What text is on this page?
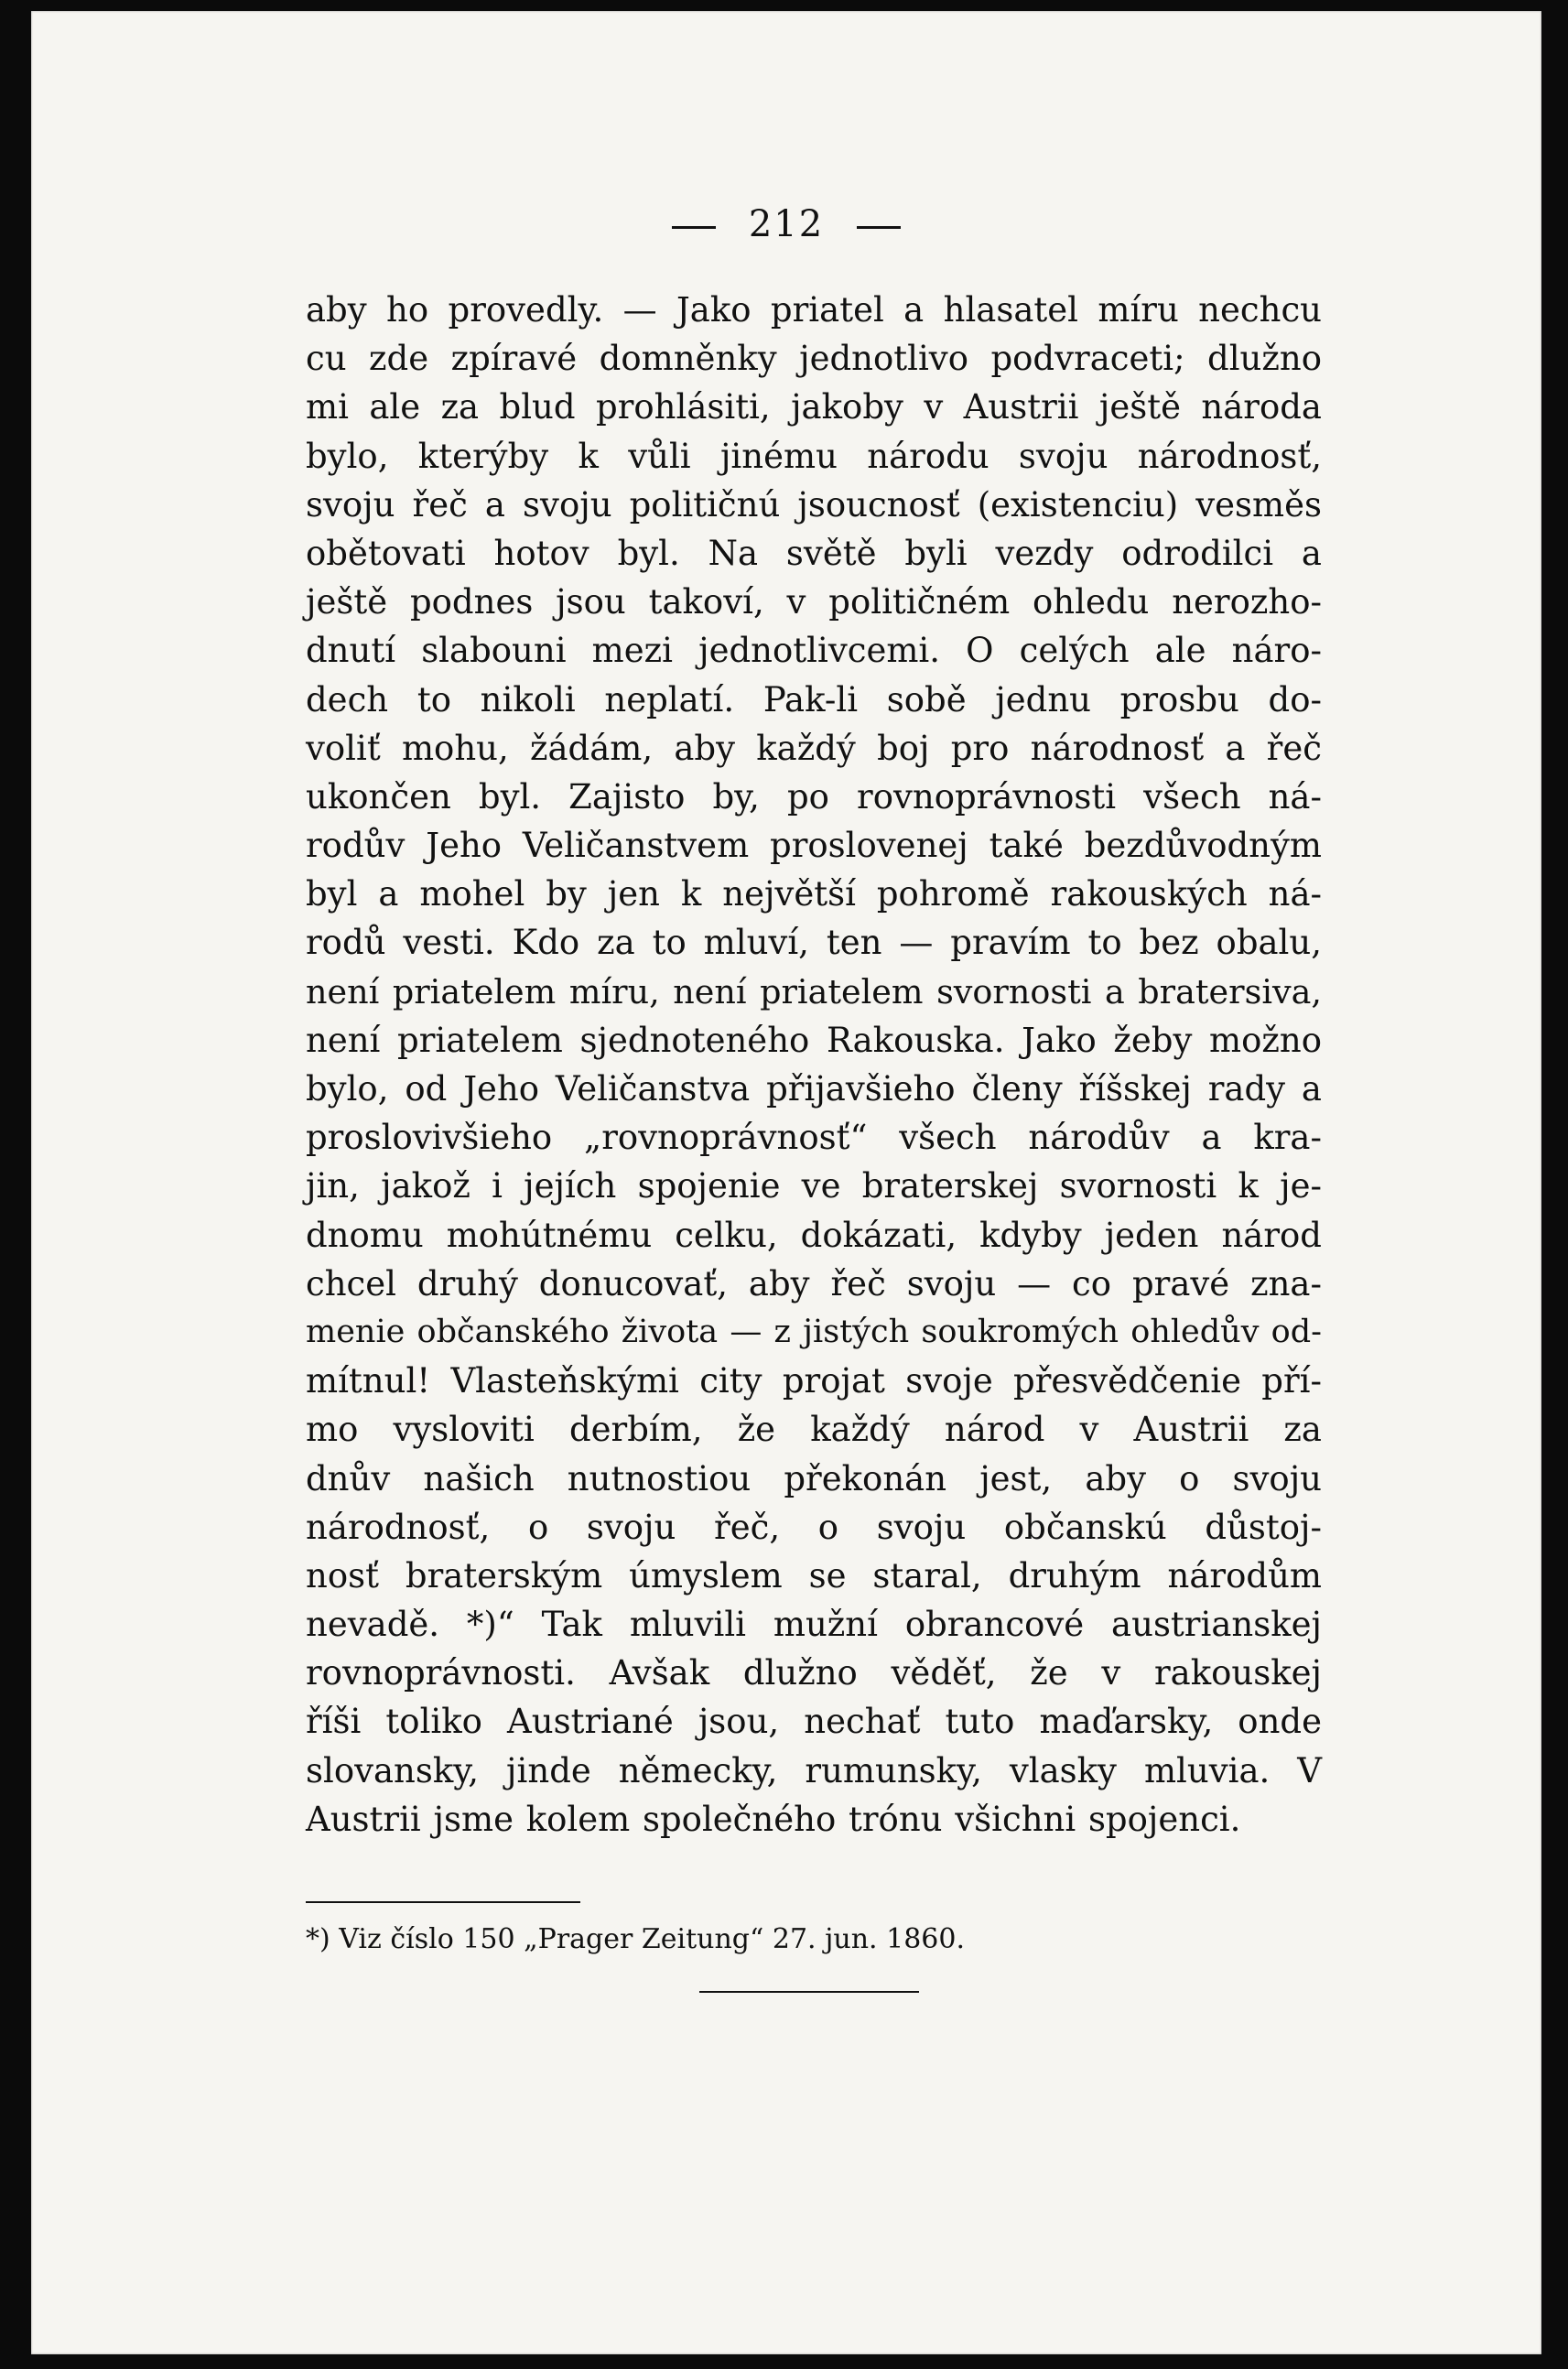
212
aby ho provedly. — Jako priatel a hlasatel míru nechcu
cu zde zpíravé domněnky jednotlivo podvraceti; dlužno
mi ale za blud prohlásiti, jakoby v Austrii ještě národa
bylo, kterýby k vůli jinému národu svoju národnosť,
svoju řeč a svoju političnú jsoucnosť (existenciu) vesměs
obětovati hotov byl. Na světě byli vezdy odrodilci a
ještě podnes jsou takoví, v političném ohledu nerozho-
dnutí slabouni mezi jednotlivcemi. O celých ale náro-
dech to nikoli neplatí. Pak-li sobě jednu prosbu do-
voliť mohu, žádám, aby každý boj pro národnosť a řeč
ukončen byl. Zajisto by, po rovnoprávnosti všech ná-
rodův Jeho Veličanstvem proslovenej také bezdůvodným
byl a mohel by jen k největší pohromě rakouských ná-
rodů vesti. Kdo za to mluví, ten — pravím to bez obalu,
není priatelem míru, není priatelem svornosti a bratersiva,
není priatelem sjednoteného Rakouska. Jako žeby možno
bylo, od Jeho Veličanstva přijavšieho členy říšskej rady a
proslovivšieho „rovnoprávnosť“ všech národův a kra-
jin, jakož i jejích spojenie ve braterskej svornosti k je-
dnomu mohútnému celku, dokázati, kdyby jeden národ
chcel druhý donucovať, aby řeč svoju — co pravé zna-
menie občanského života — z jistých soukromých ohledův od-
mítnul! Vlasteňskými city projat svoje přesvědčenie pří-
mo vysloviti derbím, že každý národ v Austrii za
dnův našich nutnostiou překonán jest, aby o svoju
národnosť, o svoju řeč, o svoju občanskú důstoj-
nosť braterským úmyslem se staral, druhým národům
nevadě. *)“ Tak mluvili mužní obrancové austrianskej
rovnoprávnosti. Avšak dlužno věděť, že v rakouskej
říši toliko Austriané jsou, nechať tuto maďarsky, onde
slovansky, jinde německy, rumunsky, vlasky mluvia. V
Austrii jsme kolem společného trónu všichni spojenci.
*) Viz číslo 150 „Prager Zeitung“ 27. jun. 1860.
